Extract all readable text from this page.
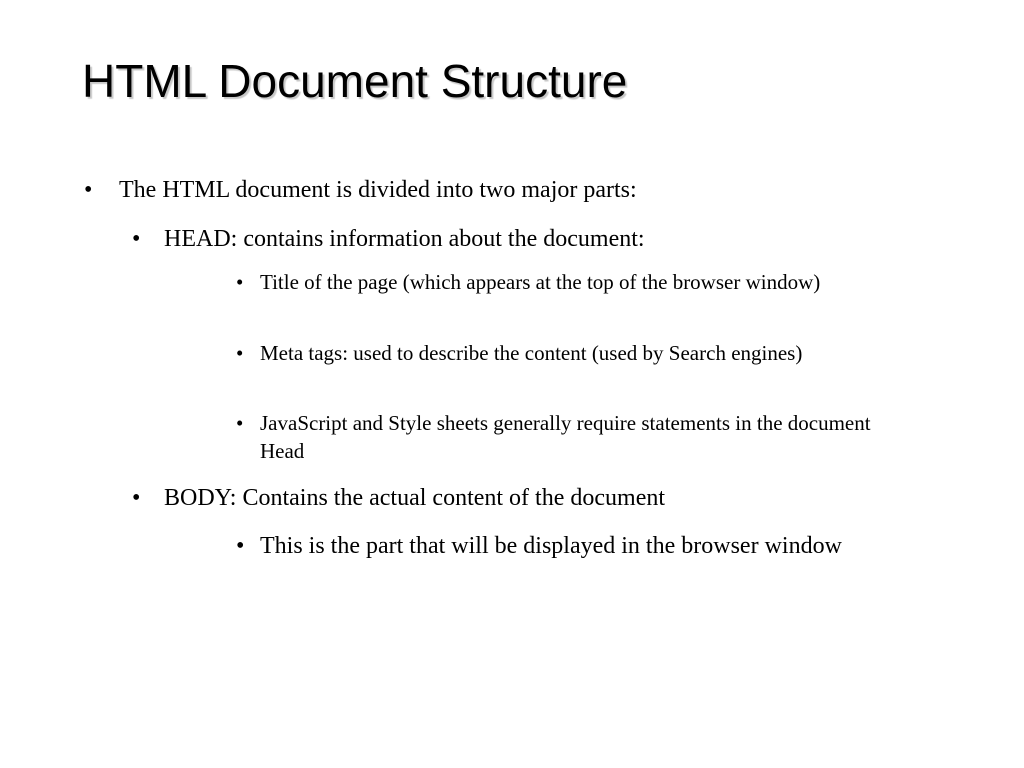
HTML Document Structure
•	The HTML document is divided into two major parts:
• HEAD: contains information about the document:
• Title of the page (which appears at the top of the browser window)
• Meta tags: used to describe the content (used by Search engines)
• JavaScript and Style sheets generally require statements in the document Head
• BODY: Contains the actual content of the document
• This is the part that will be displayed in the browser window
